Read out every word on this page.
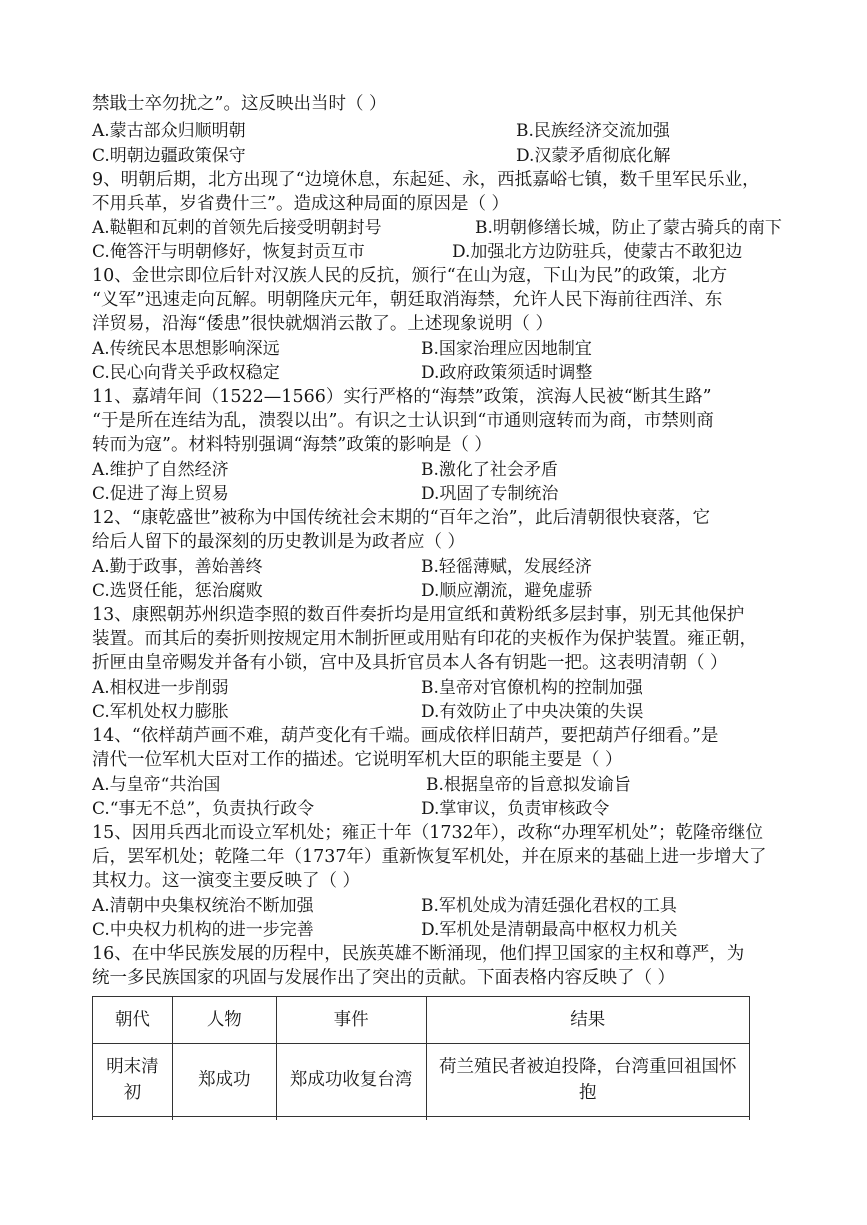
禁戢士卒勿扰之”。这反映出当时（ ）
A.蒙古部众归顺明朝	B.民族经济交流加强
C.明朝边疆政策保守	D.汉蒙矛盾彻底化解
9、明朝后期，北方出现了“边境休息，东起延、永，西抵嘉峪七镇，数千里军民乐业，
不用兵革，岁省费什三”。造成这种局面的原因是（ ）
A.鞑靼和瓦剌的首领先后接受明朝封号	B.明朝修缮长城，防止了蒙古骑兵的南下
C.俺答汗与明朝修好，恢复封贡互市	D.加强北方边防驻兵，使蒙古不敢犯边
10、金世宗即位后针对汉族人民的反抗，颁行“在山为寇，下山为民”的政策，北方
“义军”迅速走向瓦解。明朝隆庆元年，朝廷取消海禁，允许人民下海前往西洋、东
洋贸易，沿海“倭患”很快就烟消云散了。上述现象说明（ ）
A.传统民本思想影响深远	B.国家治理应因地制宜
C.民心向背关乎政权稳定	D.政府政策须适时调整
11、嘉靖年间（1522—1566）实行严格的“海禁”政策，滨海人民被“断其生路”
“于是所在连结为乱，溃裂以出”。有识之士认识到“市通则寇转而为商，市禁则商
转而为寇”。材料特别强调“海禁”政策的影响是（ ）
A.维护了自然经济	B.激化了社会矛盾
C.促进了海上贸易	D.巩固了专制统治
12、“康乾盛世”被称为中国传统社会末期的“百年之治”，此后清朝很快衰落，它
给后人留下的最深刻的历史教训是为政者应（ ）
A.勤于政事，善始善终	B.轻徭薄赋，发展经济
C.选贤任能，惩治腐败	D.顺应潮流，避免虚骄
13、康熙朝苏州织造李照的数百件奏折均是用宣纸和黄粉纸多层封事，别无其他保护
装置。而其后的奏折则按规定用木制折匣或用贴有印花的夹板作为保护装置。雍正朝，
折匣由皇帝赐发并备有小锁，宫中及具折官员本人各有钥匙一把。这表明清朝（ ）
A.相权进一步削弱	B.皇帝对官僚机构的控制加强
C.军机处权力膨胀	D.有效防止了中央决策的失误
14、“依样葫芦画不难，葫芦变化有千端。画成依样旧葫芦，要把葫芦仔细看。”是
清代一位军机大臣对工作的描述。它说明军机大臣的职能主要是（ ）
A.与皇帝“共治国	B.根据皇帝的旨意拟发谕旨
C.“事无不总”，负责执行政令	D.掌审议，负责审核政令
15、因用兵西北而设立军机处；雍正十年（1732年），改称“办理军机处”；乾隆帝继位
后，罢军机处；乾隆二年（1737年）重新恢复军机处，并在原来的基础上进一步增大了
其权力。这一演变主要反映了（ ）
A.清朝中央集权统治不断加强	B.军机处成为清廷强化君权的工具
C.中央权力机构的进一步完善	D.军机处是清朝最高中枢权力机关
16、在中华民族发展的历程中，民族英雄不断涌现，他们捍卫国家的主权和尊严，为
统一多民族国家的巩固与发展作出了突出的贡献。下面表格内容反映了（ ）
朝代	人物	事件	结果
明末清初	郑成功	郑成功收复台湾	荷兰殖民者被迫投降，台湾重回祖国怀抱
